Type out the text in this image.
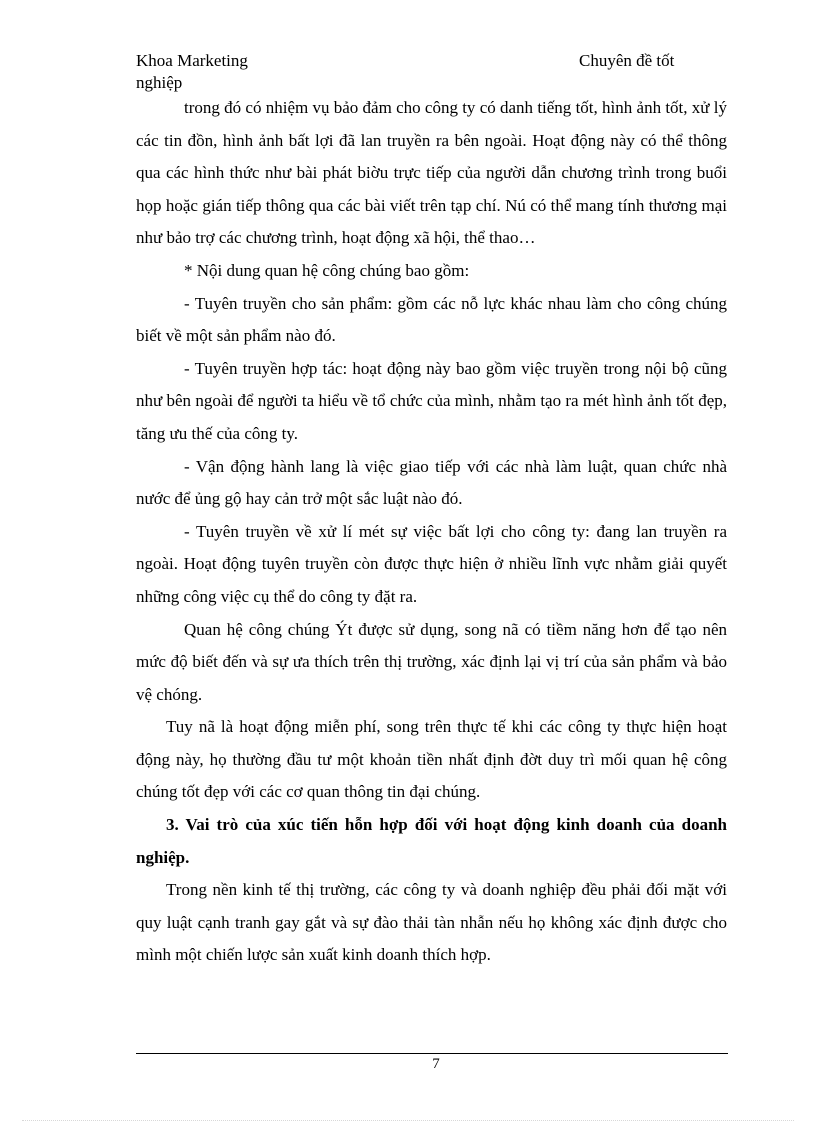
Khoa Marketing	Chuyên đề tốt
nghiệp

trong đó có nhiệm vụ bảo đảm cho công ty có danh tiếng tốt, hình ảnh tốt, xử lý các tin đồn, hình ảnh bất lợi đã lan truyền ra bên ngoài. Hoạt động này có thể thông qua các hình thức như bài phát biờu trực tiếp của người dẫn chương trình trong buổi họp hoặc gián tiếp thông qua các bài viết trên tạp chí. Nú có thể mang tính thương mại như bảo trợ các chương trình, hoạt động xã hội, thể thao…

* Nội dung quan hệ công chúng bao gồm:

- Tuyên truyền cho sản phẩm: gồm các nỗ lực khác nhau làm cho công chúng biết về một sản phẩm nào đó.

- Tuyên truyền hợp tác: hoạt động này bao gồm việc truyền trong nội bộ cũng như bên ngoài để người ta hiểu về tổ chức của mình, nhằm tạo ra mét hình ảnh tốt đẹp, tăng ưu thế của công ty.

- Vận động hành lang là việc giao tiếp với các nhà làm luật, quan chức nhà nước để ủng gộ hay cản trở một sắc luật nào đó.

- Tuyên truyền về xử lí mét sự việc bất lợi cho công ty: đang lan truyền ra ngoài. Hoạt động tuyên truyền còn được thực hiện ở nhiều lĩnh vực nhằm giải quyết những công việc cụ thể do công ty đặt ra.

Quan hệ công chúng Ýt được sử dụng, song nã có tiềm năng hơn để tạo nên mức độ biết đến và sự ưa thích trên thị trường, xác định lại vị trí của sản phẩm và bảo vệ chóng.

Tuy nã là hoạt động miễn phí, song trên thực tế khi các công ty thực hiện hoạt động này, họ thường đầu tư một khoản tiền nhất định đờt duy trì mối quan hệ công chúng tốt đẹp với các cơ quan thông tin đại chúng.

3. Vai trò của xúc tiến hỗn hợp đối với hoạt động kinh doanh của doanh nghiệp.

Trong nền kinh tế thị trường, các công ty và doanh nghiệp đều phải đối mặt với quy luật cạnh tranh gay gắt và sự đào thải tàn nhẫn nếu họ không xác định được cho mình một chiến lược sản xuất kinh doanh thích hợp.

7
